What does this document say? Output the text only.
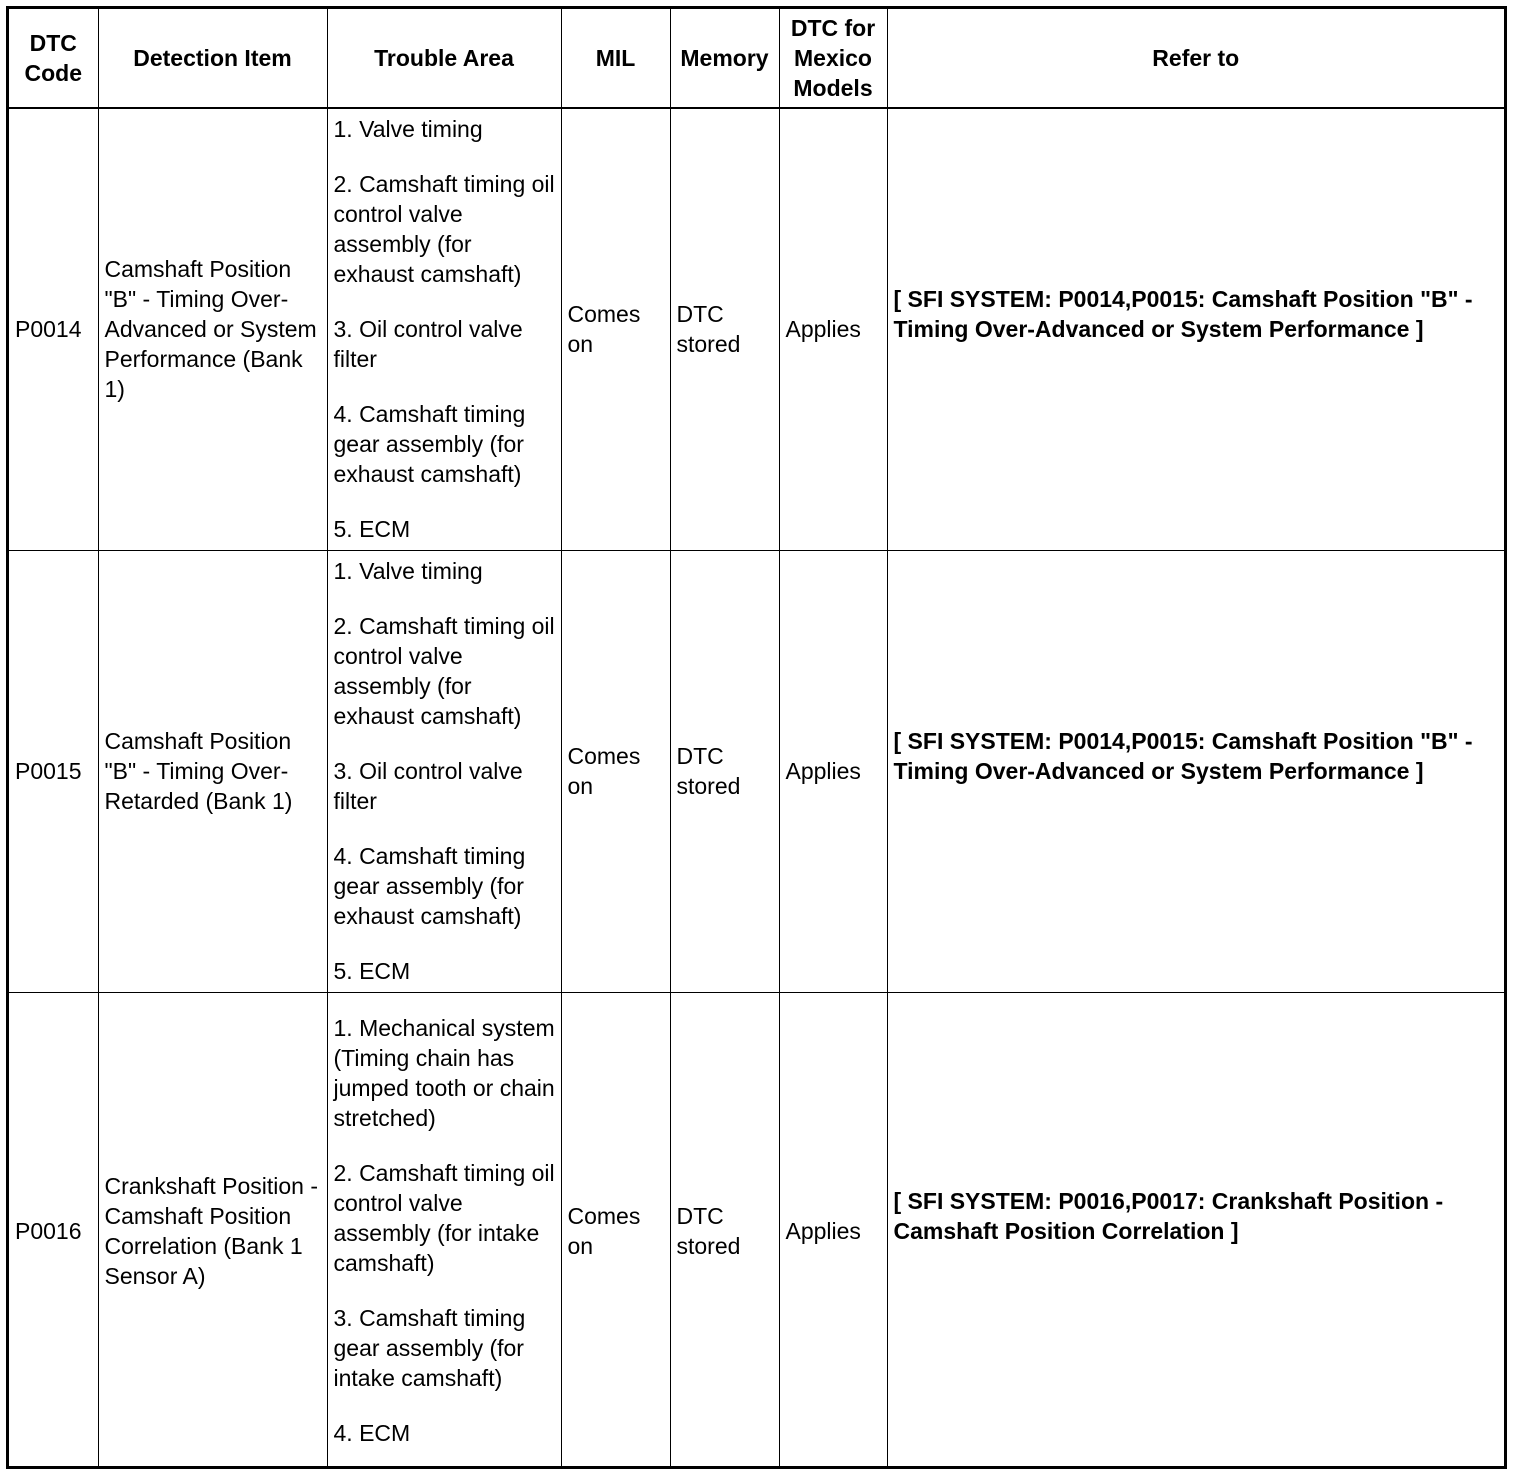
DTC Code	Detection Item	Trouble Area	MIL	Memory	DTC for Mexico Models	Refer to
P0014	Camshaft Position "B" - Timing Over-Advanced or System Performance (Bank 1)	1. Valve timing

2. Camshaft timing oil control valve assembly (for exhaust camshaft)

3. Oil control valve filter

4. Camshaft timing gear assembly (for exhaust camshaft)

5. ECM	Comes on	DTC stored	Applies	[ SFI SYSTEM: P0014,P0015: Camshaft Position "B" - Timing Over-Advanced or System Performance ]

P0015	Camshaft Position "B" - Timing Over-Retarded (Bank 1)	1. Valve timing

2. Camshaft timing oil control valve assembly (for exhaust camshaft)

3. Oil control valve filter

4. Camshaft timing gear assembly (for exhaust camshaft)

5. ECM	Comes on	DTC stored	Applies	[ SFI SYSTEM: P0014,P0015: Camshaft Position "B" - Timing Over-Advanced or System Performance ]

P0016	Crankshaft Position - Camshaft Position Correlation (Bank 1 Sensor A)	1. Mechanical system (Timing chain has jumped tooth or chain stretched)

2. Camshaft timing oil control valve assembly (for intake camshaft)

3. Camshaft timing gear assembly (for intake camshaft)

4. ECM	Comes on	DTC stored	Applies	[ SFI SYSTEM: P0016,P0017: Crankshaft Position - Camshaft Position Correlation ]
